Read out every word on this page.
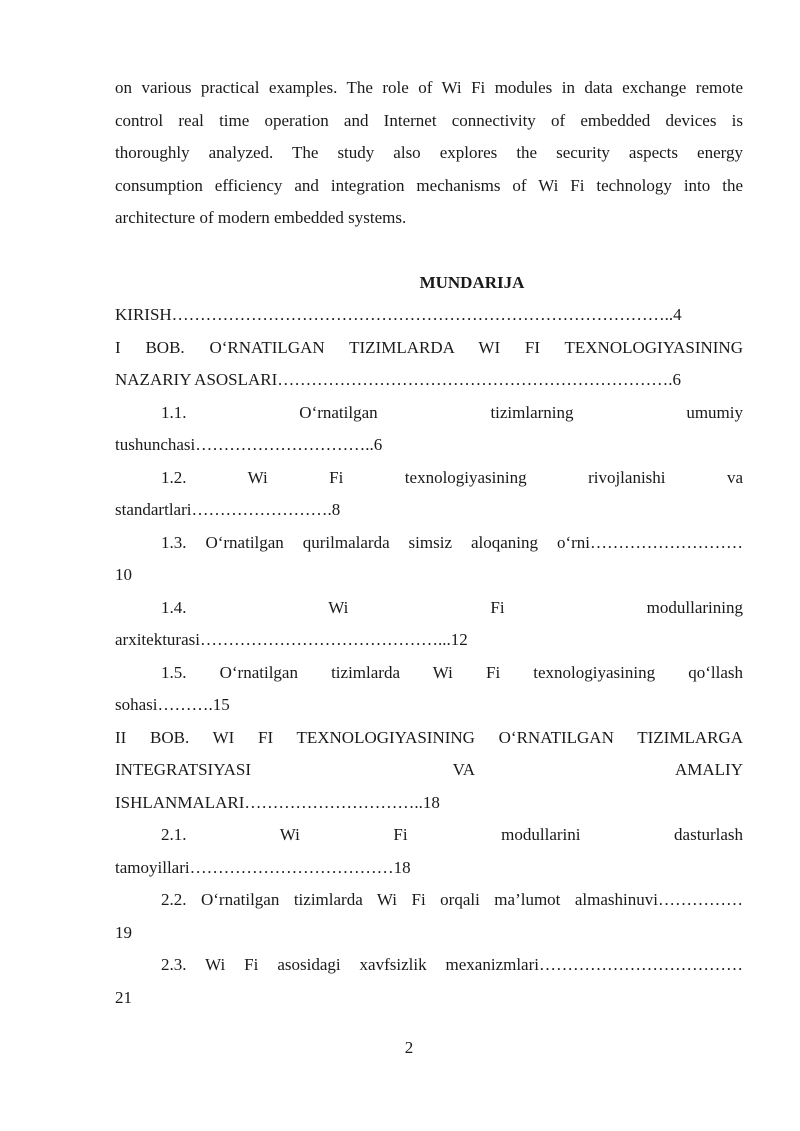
on various practical examples. The role of Wi Fi modules in data exchange remote
control real time operation and Internet connectivity of embedded devices is
thoroughly analyzed. The study also explores the security aspects energy
consumption efficiency and integration mechanisms of Wi Fi technology into the
architecture of modern embedded systems.

MUNDARIJA

KIRISH……………………………………………………………………………..4
I BOB. O‘RNATILGAN TIZIMLARDA WI FI TEXNOLOGIYASINING
NAZARIY ASOSLARI…………………………………………………………….6
1.1. O‘rnatilgan tizimlarning umumiy
tushunchasi…………………………..6
1.2. Wi Fi texnologiyasining rivojlanishi va
standartlari…………………….8
1.3. O‘rnatilgan qurilmalarda simsiz aloqaning o‘rni………………………
10
1.4. Wi Fi modullarining
arxitekturasi……………………………………...12
1.5. O‘rnatilgan tizimlarda Wi Fi texnologiyasining qo‘llash
sohasi……….15
II BOB. WI FI TEXNOLOGIYASINING O‘RNATILGAN TIZIMLARGA
INTEGRATSIYASI VA AMALIY
ISHLANMALARI…………………………..18
2.1. Wi Fi modullarini dasturlash
tamoyillari………………………………18
2.2. O‘rnatilgan tizimlarda Wi Fi orqali ma’lumot almashinuvi……………
19
2.3. Wi Fi asosidagi xavfsizlik mexanizmlari………………………………
21
2
